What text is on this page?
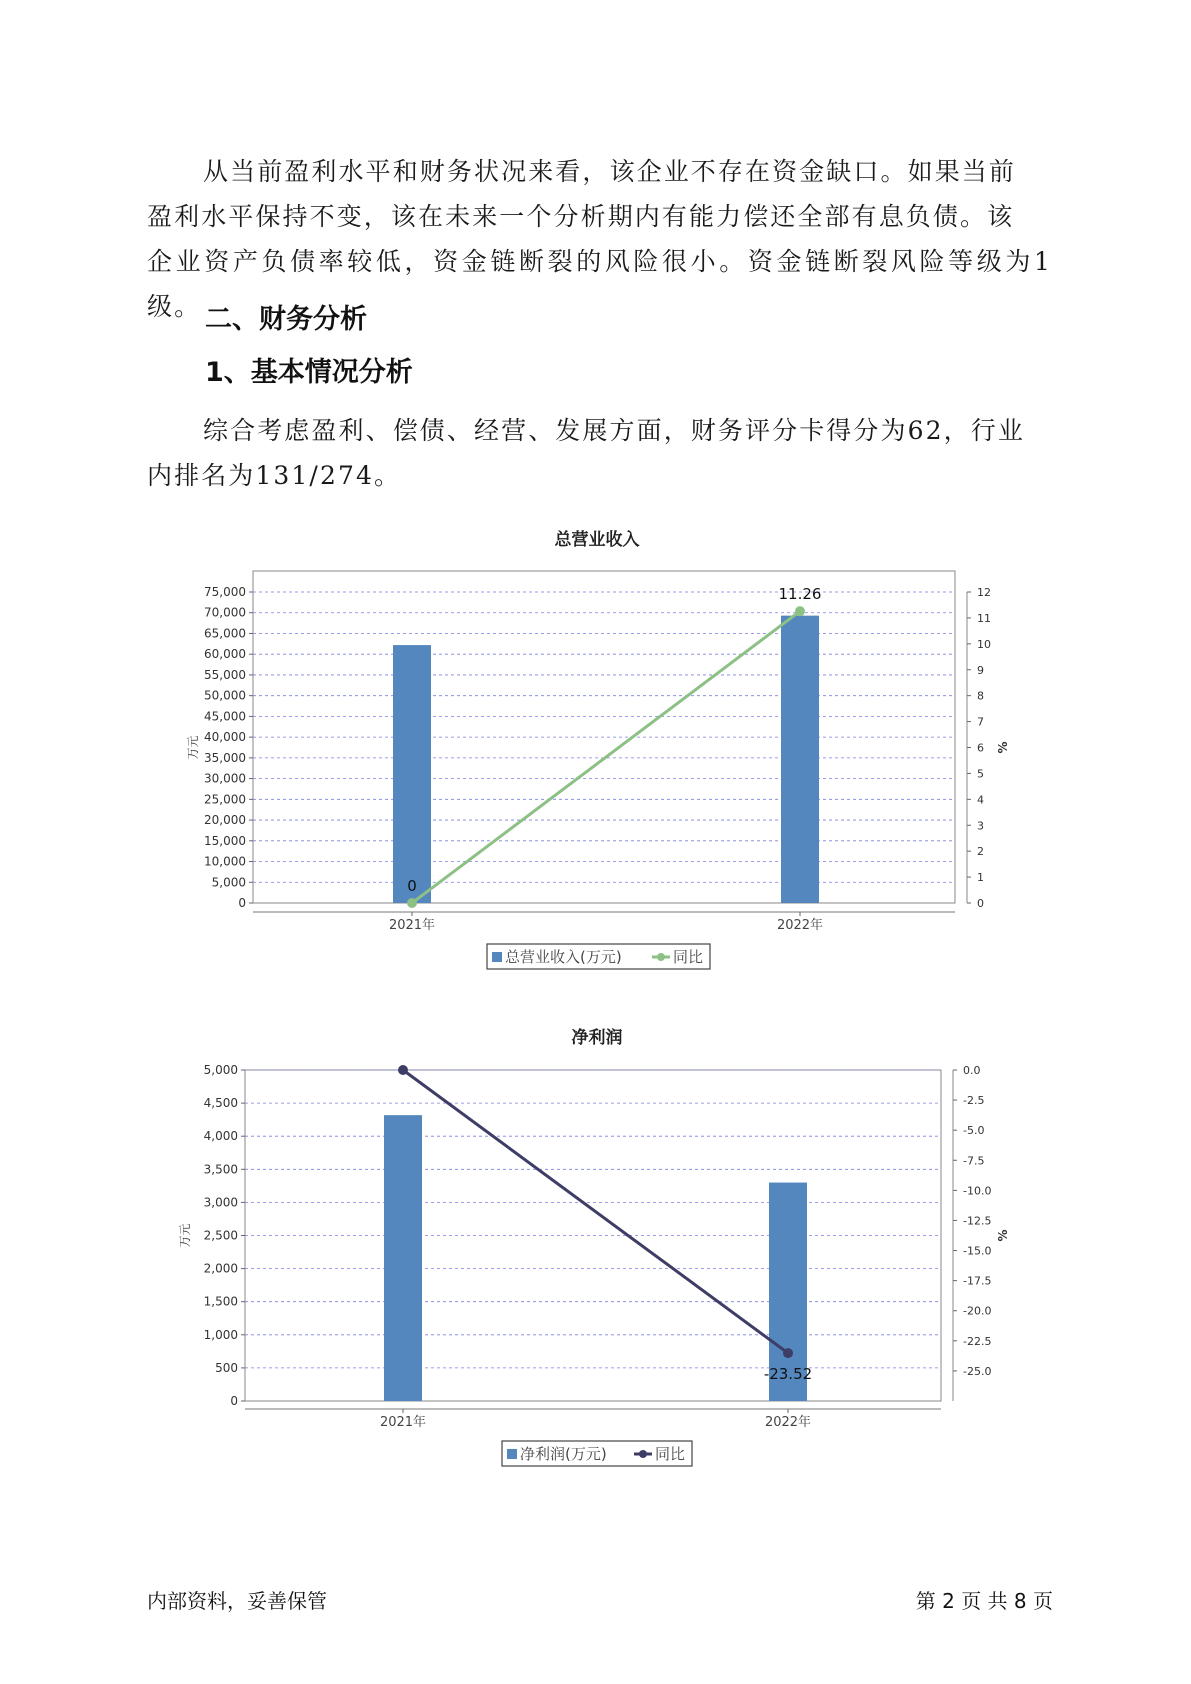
从当前盈利水平和财务状况来看，该企业不存在资金缺口。如果当前
盈利水平保持不变，该在未来一个分析期内有能力偿还全部有息负债。该
企业资产负债率较低，资金链断裂的风险很小。资金链断裂风险等级为1级。 二、财务分析
1、基本情况分析

综合考虑盈利、偿债、经营、发展方面，财务评分卡得分为62，行业
内排名为131/274。

总营业收入
0
5,000
10,000
15,000
20,000
25,000
30,000
35,000
40,000
45,000
50,000
55,000
60,000
65,000
70,000
75,000
0
1
2
3
4
5
6
7
8
9
10
11
12
万元	%
2021年	2022年
0
11.26
总营业收入(万元)	同比
净利润
0
500
1,000
1,500
2,000
2,500
3,000
3,500
4,000
4,500
5,000	0.0
-2.5
-5.0
-7.5
-10.0
-12.5
-15.0
-17.5
-20.0
-22.5
-25.0
万元	%
2021年	2022年
-23.52
净利润(万元)	同比
内部资料，妥善保管	第 2 页 共 8 页
